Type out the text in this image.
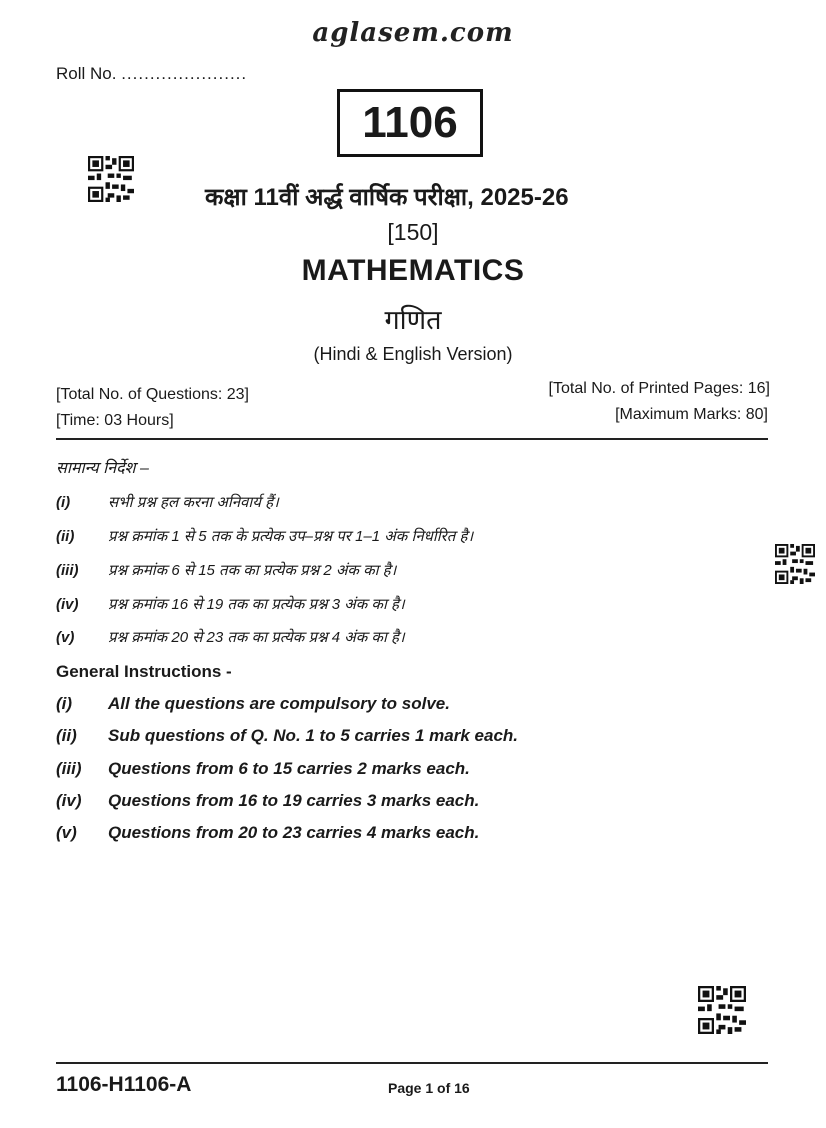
aglasem.com
Roll No. ......................
1106
कक्षा 11वीं अर्द्ध वार्षिक परीक्षा, 2025-26
[150]
MATHEMATICS
गणित
(Hindi & English Version)
[Total No. of Questions: 23]
[Time: 03 Hours]
[Total No. of Printed Pages: 16]
[Maximum Marks: 80]
सामान्य निर्देश –
(i)	सभी प्रश्न हल करना अनिवार्य हैं।
(ii) प्रश्न क्रमांक 1 से 5 तक के प्रत्येक उप–प्रश्न पर 1–1 अंक निर्धारित है।
(iii) प्रश्न क्रमांक 6 से 15 तक का प्रत्येक प्रश्न 2 अंक का है।
(iv) प्रश्न क्रमांक 16 से 19 तक का प्रत्येक प्रश्न 3 अंक का है।
(v) प्रश्न क्रमांक 20 से 23 तक का प्रत्येक प्रश्न 4 अंक का है।
General Instructions -
(i) All the questions are compulsory to solve.
(ii) Sub questions of Q. No. 1 to 5 carries 1 mark each.
(iii) Questions from 6 to 15 carries 2 marks each.
(iv) Questions from 16 to 19 carries 3 marks each.
(v) Questions from 20 to 23 carries 4 marks each.
1106-H1106-A	Page 1 of 16
